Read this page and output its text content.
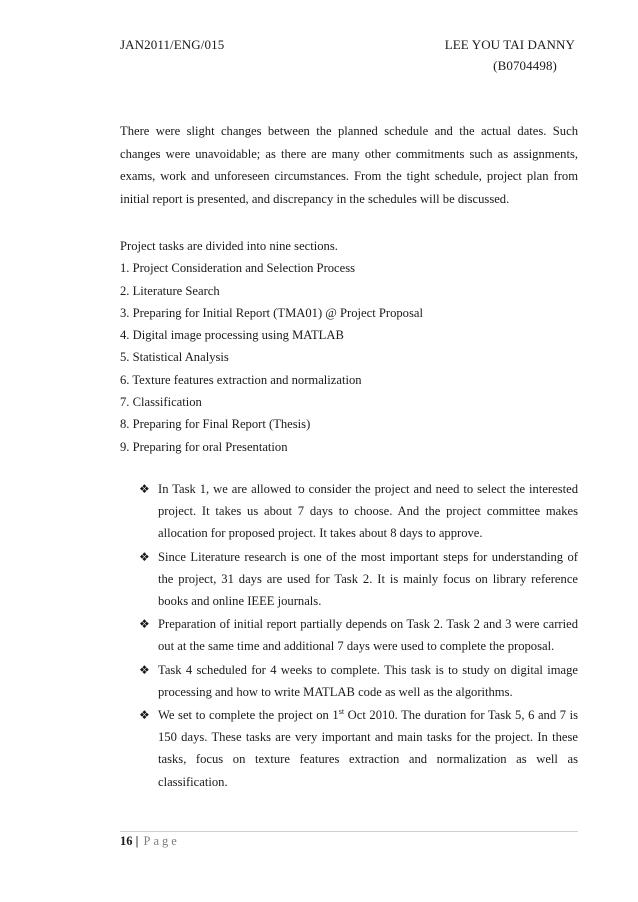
JAN2011/ENG/015	LEE YOU TAI DANNY
(B0704498)

There were slight changes between the planned schedule and the actual dates. Such changes were unavoidable; as there are many other commitments such as assignments, exams, work and unforeseen circumstances. From the tight schedule, project plan from initial report is presented, and discrepancy in the schedules will be discussed.

Project tasks are divided into nine sections.
1. Project Consideration and Selection Process
2. Literature Search
3. Preparing for Initial Report (TMA01) @ Project Proposal
4. Digital image processing using MATLAB
5. Statistical Analysis
6. Texture features extraction and normalization
7. Classification
8. Preparing for Final Report (Thesis)
9. Preparing for oral Presentation
❖ In Task 1, we are allowed to consider the project and need to select the interested project. It takes us about 7 days to choose. And the project committee makes allocation for proposed project. It takes about 8 days to approve.
❖ Since Literature research is one of the most important steps for understanding of the project, 31 days are used for Task 2. It is mainly focus on library reference books and online IEEE journals.
❖ Preparation of initial report partially depends on Task 2. Task 2 and 3 were carried out at the same time and additional 7 days were used to complete the proposal.
❖ Task 4 scheduled for 4 weeks to complete. This task is to study on digital image processing and how to write MATLAB code as well as the algorithms.
❖ We set to complete the project on 1st Oct 2010. The duration for Task 5, 6 and 7 is 150 days. These tasks are very important and main tasks for the project. In these tasks, focus on texture features extraction and normalization as well as classification.
16 | Page
